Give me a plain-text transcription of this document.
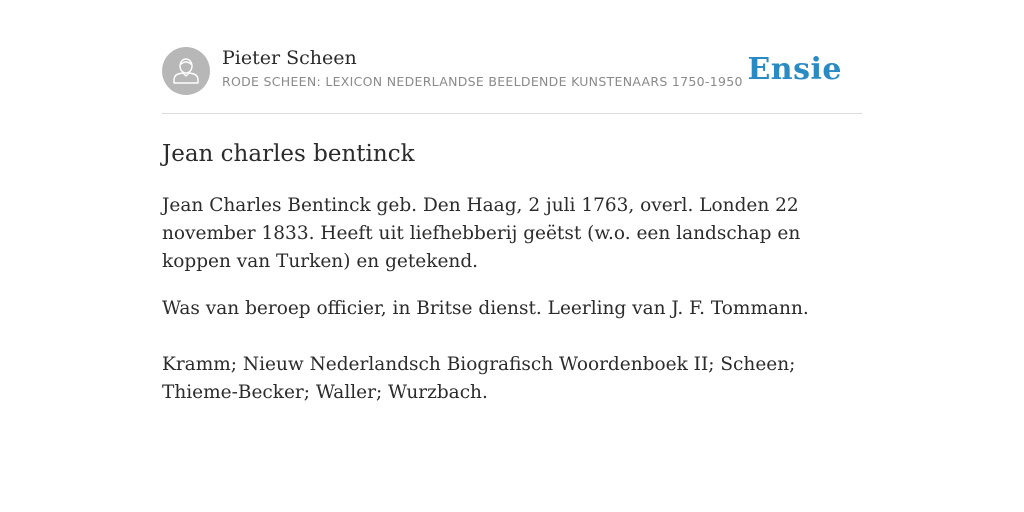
Pieter Scheen
RODE SCHEEN: LEXICON NEDERLANDSE BEELDENDE KUNSTENAARS 1750-1950 Ensie
Jean charles bentinck

Jean Charles Bentinck geb. Den Haag, 2 juli 1763, overl. Londen 22 november 1833. Heeft uit liefhebberij geëtst (w.o. een landschap en koppen van Turken) en getekend.

Was van beroep officier, in Britse dienst. Leerling van J. F. Tommann.

Kramm; Nieuw Nederlandsch Biografisch Woordenboek II; Scheen; Thieme-Becker; Waller; Wurzbach.
